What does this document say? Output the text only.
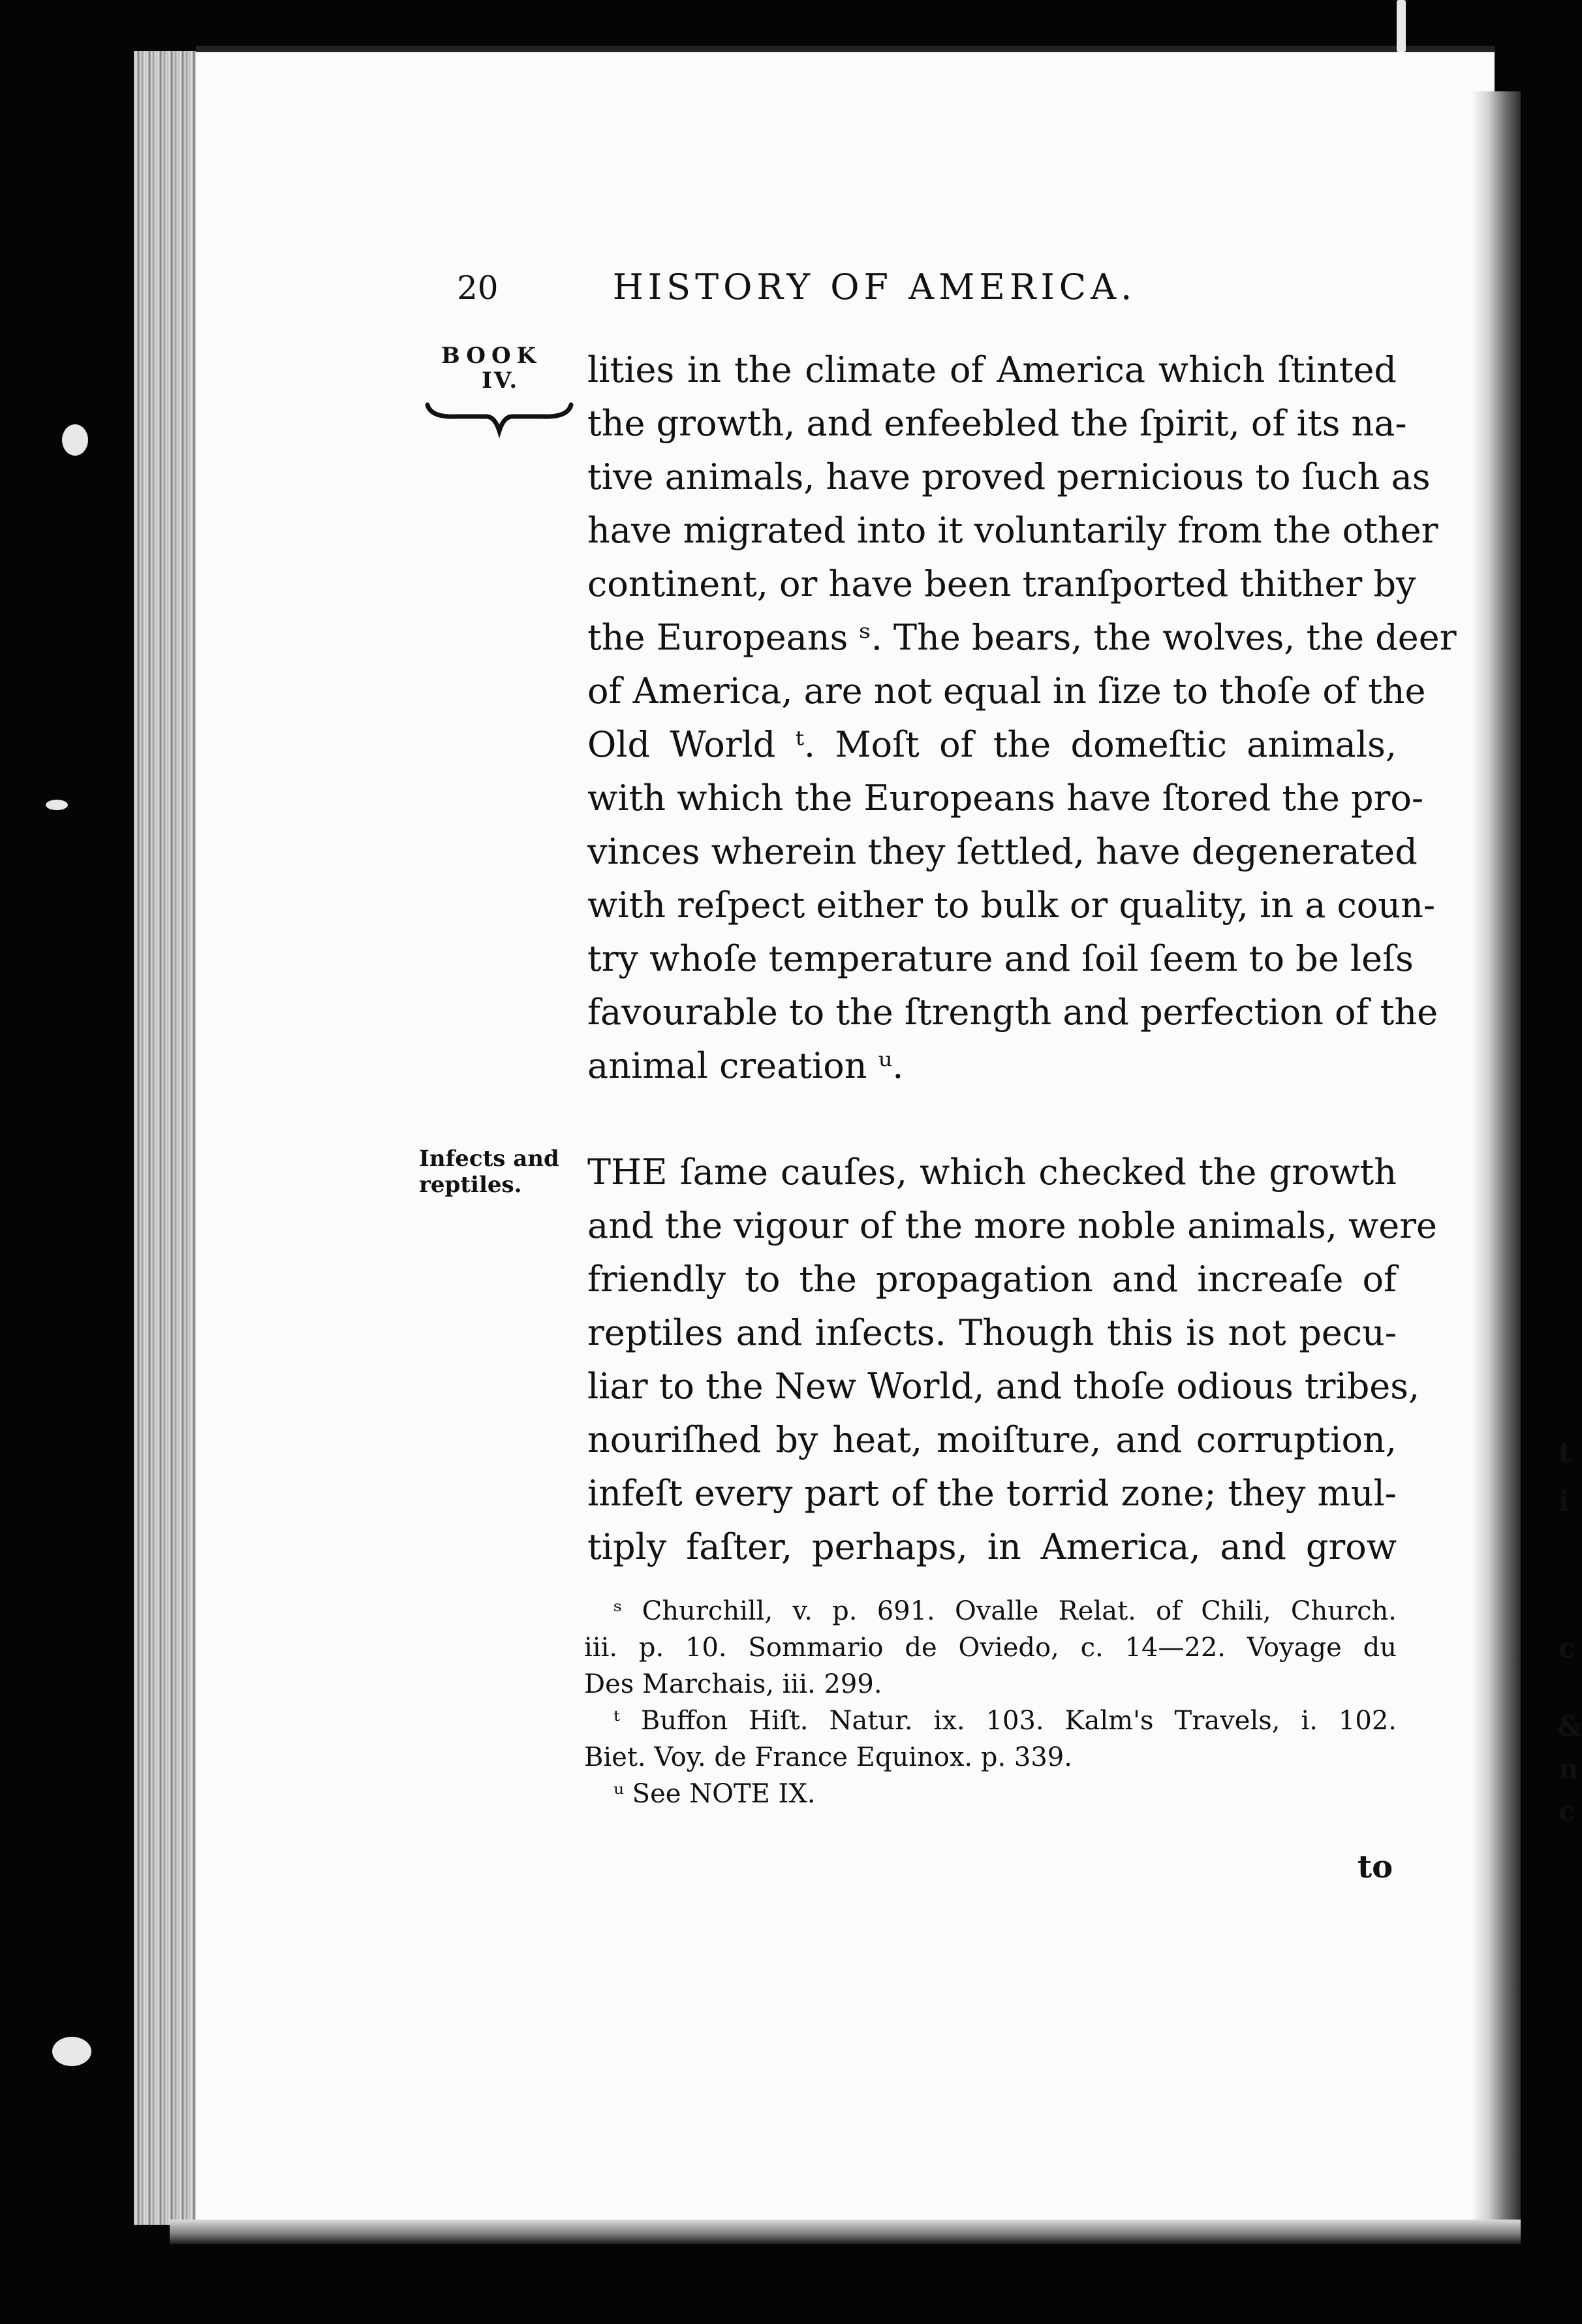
t
i
c
&
n
c
20	HISTORY OF AMERICA.
BOOK
IV. lities in the climate of America which ſtinted
the growth, and enfeebled the ſpirit, of its na-
tive animals, have proved pernicious to ſuch as
have migrated into it voluntarily from the other
continent, or have been tranſported thither by
the Europeans ˢ. The bears, the wolves, the deer
of America, are not equal in ſize to thoſe of the
Old World ᵗ. Moſt of the domeſtic animals,
with which the Europeans have ſtored the pro-
vinces wherein they ſettled, have degenerated
with reſpect either to bulk or quality, in a coun-
try whoſe temperature and ſoil ſeem to be leſs
favourable to the ſtrength and perfection of the
animal creation ᵘ.
Infects and
reptiles.	THE ſame cauſes, which checked the growth
and the vigour of the more noble animals, were
friendly to the propagation and increaſe of
reptiles and inſects. Though this is not pecu-
liar to the New World, and thoſe odious tribes,
nouriſhed by heat, moiſture, and corruption,
infeſt every part of the torrid zone; they mul-
tiply faſter, perhaps, in America, and grow
ˢ Churchill, v. p. 691. Ovalle Relat. of Chili, Church.
iii. p. 10. Sommario de Oviedo, c. 14—22. Voyage du
Des Marchais, iii. 299.
ᵗ Buffon Hiſt. Natur. ix. 103. Kalm's Travels, i. 102.
Biet. Voy. de France Equinox. p. 339.
ᵘ See NOTE IX.
to
